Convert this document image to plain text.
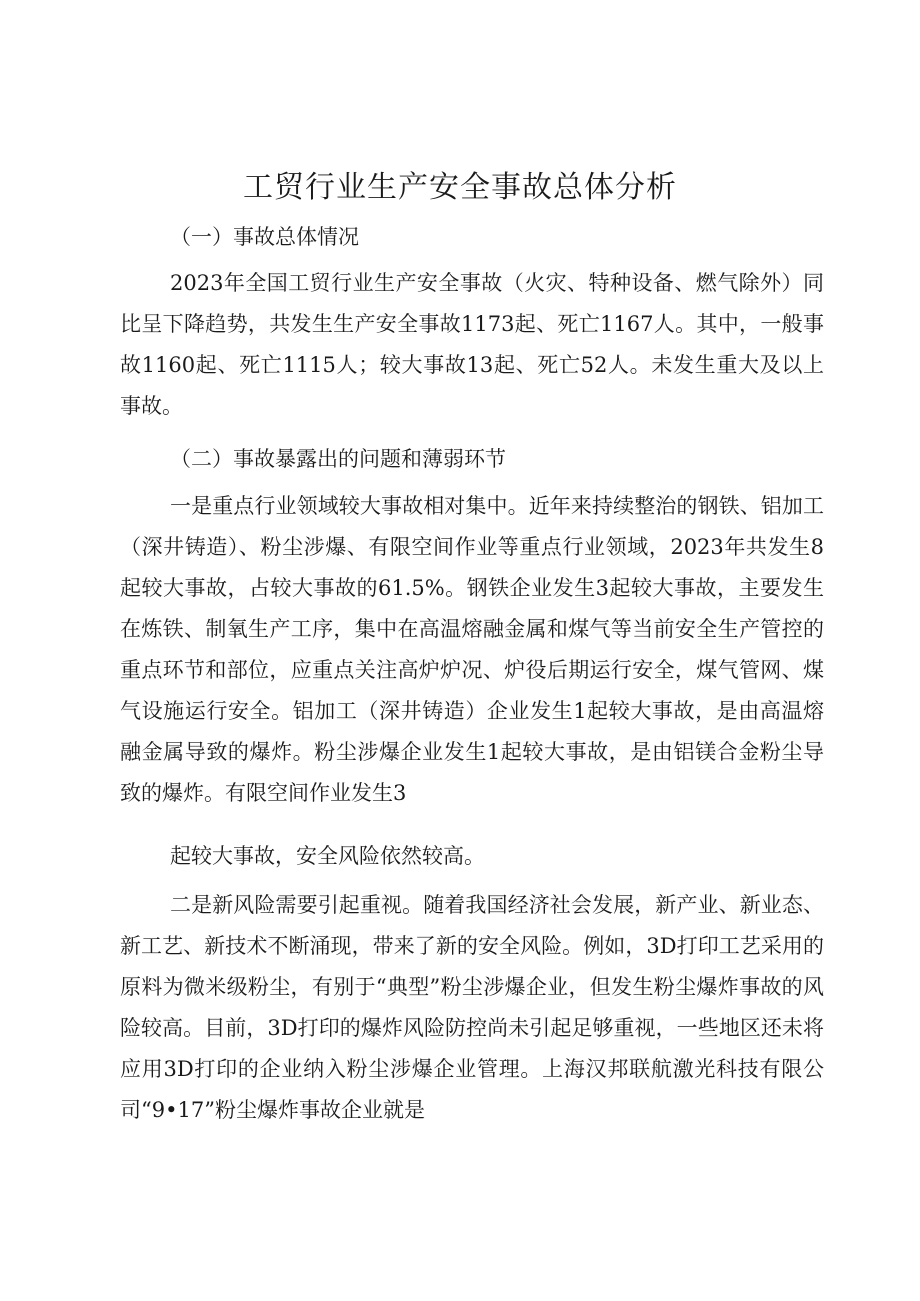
工贸行业生产安全事故总体分析
（一）事故总体情况

2023年全国工贸行业生产安全事故（火灾、特种设备、燃气除外）同比呈下降趋势，共发生生产安全事故1173起、死亡1167人。其中，一般事故1160起、死亡1115人；较大事故13起、死亡52人。未发生重大及以上事故。

（二）事故暴露出的问题和薄弱环节

一是重点行业领域较大事故相对集中。近年来持续整治的钢铁、铝加工（深井铸造）、粉尘涉爆、有限空间作业等重点行业领域，2023年共发生8起较大事故，占较大事故的61.5%。钢铁企业发生3起较大事故，主要发生在炼铁、制氧生产工序，集中在高温熔融金属和煤气等当前安全生产管控的重点环节和部位，应重点关注高炉炉况、炉役后期运行安全，煤气管网、煤气设施运行安全。铝加工（深井铸造）企业发生1起较大事故，是由高温熔融金属导致的爆炸。粉尘涉爆企业发生1起较大事故，是由铝镁合金粉尘导致的爆炸。有限空间作业发生3

起较大事故，安全风险依然较高。

二是新风险需要引起重视。随着我国经济社会发展，新产业、新业态、新工艺、新技术不断涌现，带来了新的安全风险。例如，3D打印工艺采用的原料为微米级粉尘，有别于“典型”粉尘涉爆企业，但发生粉尘爆炸事故的风险较高。目前，3D打印的爆炸风险防控尚未引起足够重视，一些地区还未将应用3D打印的企业纳入粉尘涉爆企业管理。上海汉邦联航激光科技有限公司“9•17”粉尘爆炸事故企业就是
